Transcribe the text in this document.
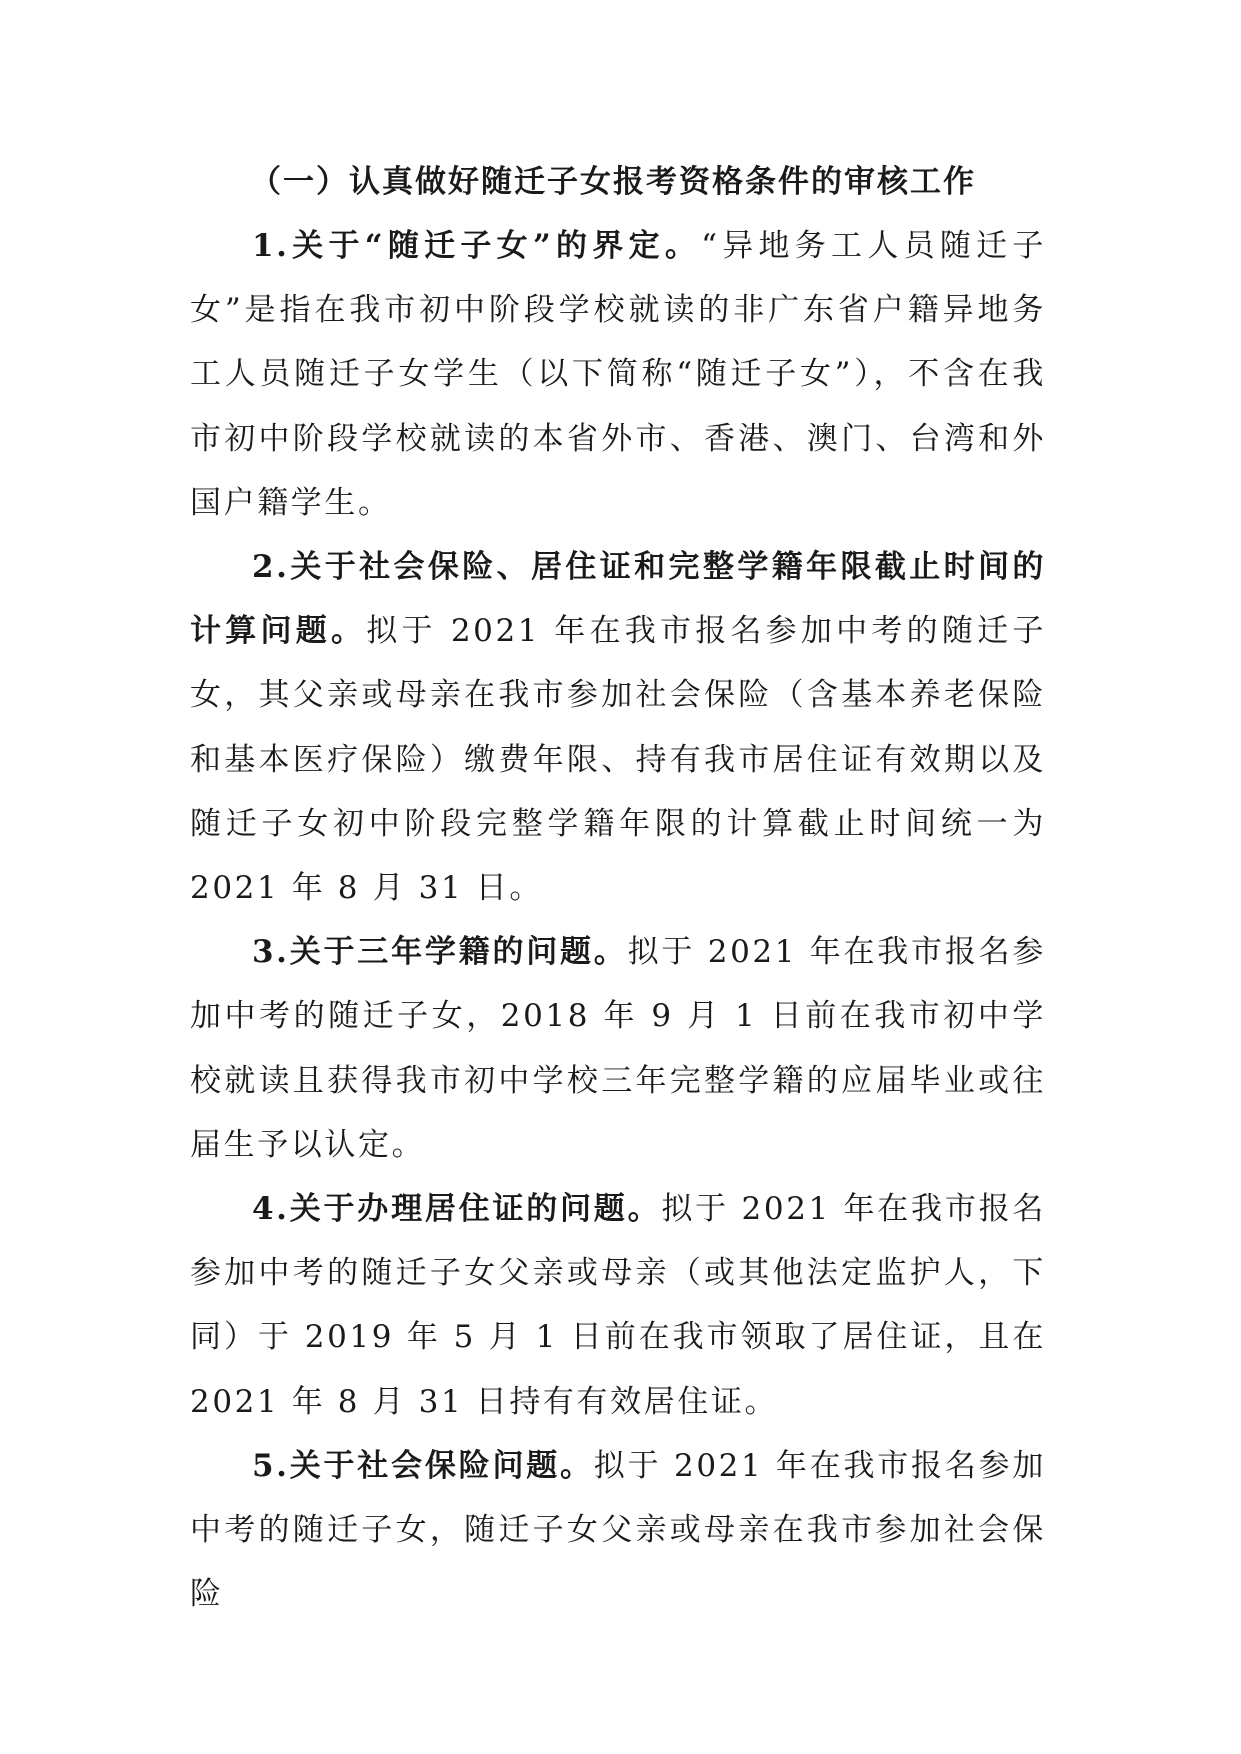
（一）认真做好随迁子女报考资格条件的审核工作

1.关于“随迁子女”的界定。“异地务工人员随迁子女”是指在我市初中阶段学校就读的非广东省户籍异地务工人员随迁子女学生（以下简称“随迁子女”），不含在我市初中阶段学校就读的本省外市、香港、澳门、台湾和外国户籍学生。

2.关于社会保险、居住证和完整学籍年限截止时间的计算问题。拟于 2021 年在我市报名参加中考的随迁子女，其父亲或母亲在我市参加社会保险（含基本养老保险和基本医疗保险）缴费年限、持有我市居住证有效期以及随迁子女初中阶段完整学籍年限的计算截止时间统一为 2021 年 8 月 31 日。

3.关于三年学籍的问题。拟于 2021 年在我市报名参加中考的随迁子女，2018 年 9 月 1 日前在我市初中学校就读且获得我市初中学校三年完整学籍的应届毕业或往届生予以认定。

4.关于办理居住证的问题。拟于 2021 年在我市报名参加中考的随迁子女父亲或母亲（或其他法定监护人，下同）于 2019 年 5 月 1 日前在我市领取了居住证，且在 2021 年 8 月 31 日持有有效居住证。

5.关于社会保险问题。拟于 2021 年在我市报名参加中考的随迁子女，随迁子女父亲或母亲在我市参加社会保险
